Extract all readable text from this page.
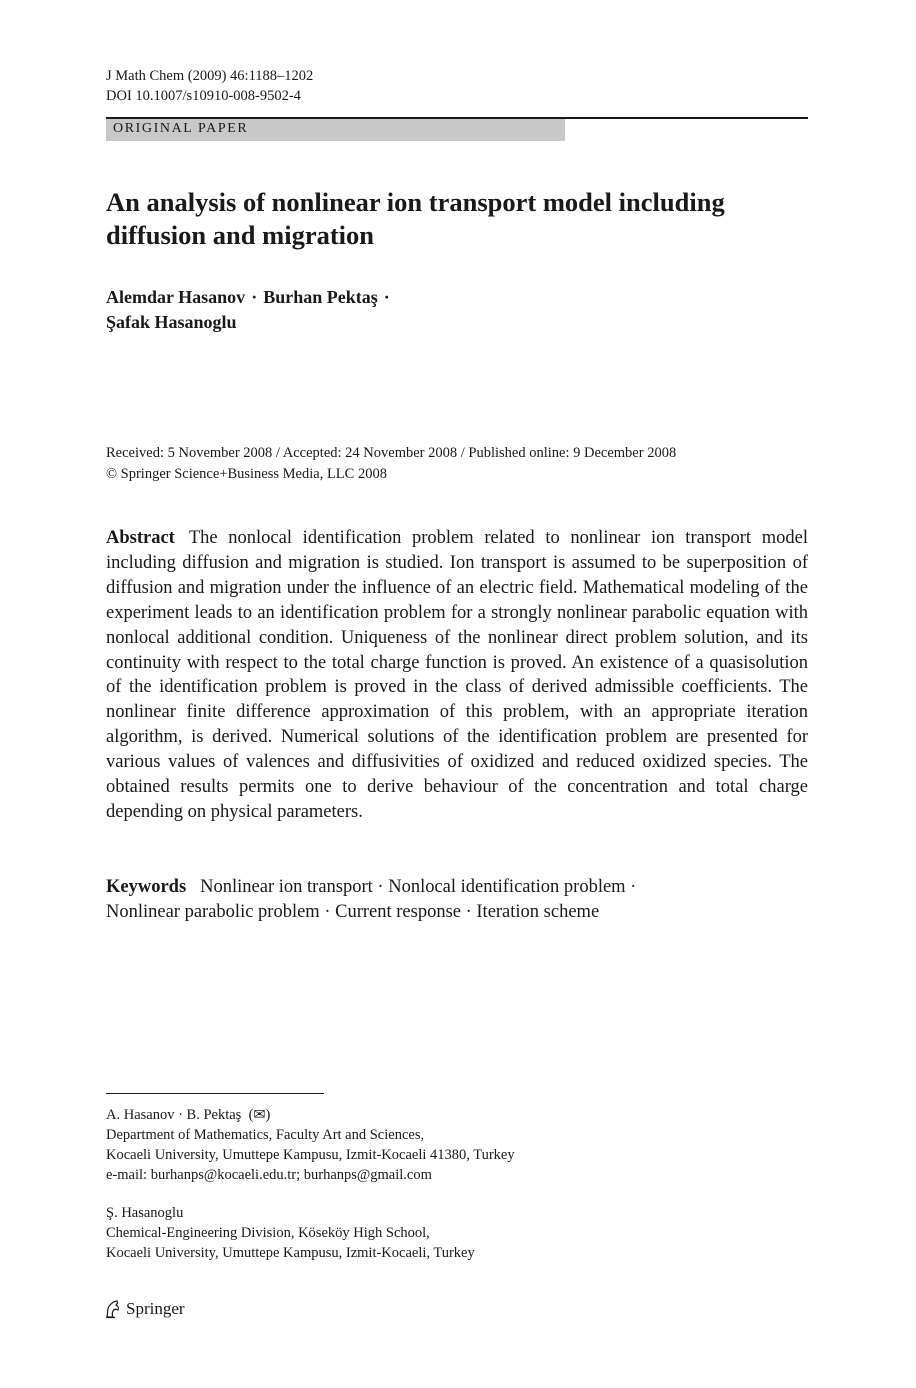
J Math Chem (2009) 46:1188–1202
DOI 10.1007/s10910-008-9502-4
ORIGINAL PAPER
An analysis of nonlinear ion transport model including
diffusion and migration
Alemdar Hasanov · Burhan Pektaş ·
Şafak Hasanoglu
Received: 5 November 2008 / Accepted: 24 November 2008 / Published online: 9 December 2008
© Springer Science+Business Media, LLC 2008
Abstract The nonlocal identification problem related to nonlinear ion transport model including diffusion and migration is studied. Ion transport is assumed to be superposition of diffusion and migration under the influence of an electric field. Mathematical modeling of the experiment leads to an identification problem for a strongly nonlinear parabolic equation with nonlocal additional condition. Uniqueness of the nonlinear direct problem solution, and its continuity with respect to the total charge function is proved. An existence of a quasisolution of the identification problem is proved in the class of derived admissible coefficients. The nonlinear finite difference approximation of this problem, with an appropriate iteration algorithm, is derived. Numerical solutions of the identification problem are presented for various values of valences and diffusivities of oxidized and reduced oxidized species. The obtained results permits one to derive behaviour of the concentration and total charge depending on physical parameters.
Keywords Nonlinear ion transport · Nonlocal identification problem ·
Nonlinear parabolic problem · Current response · Iteration scheme
A. Hasanov · B. Pektaş (✉)
Department of Mathematics, Faculty Art and Sciences,
Kocaeli University, Umuttepe Kampusu, Izmit-Kocaeli 41380, Turkey
e-mail: burhanps@kocaeli.edu.tr; burhanps@gmail.com
Ş. Hasanoglu
Chemical-Engineering Division, Köseköy High School,
Kocaeli University, Umuttepe Kampusu, Izmit-Kocaeli, Turkey
Springer
